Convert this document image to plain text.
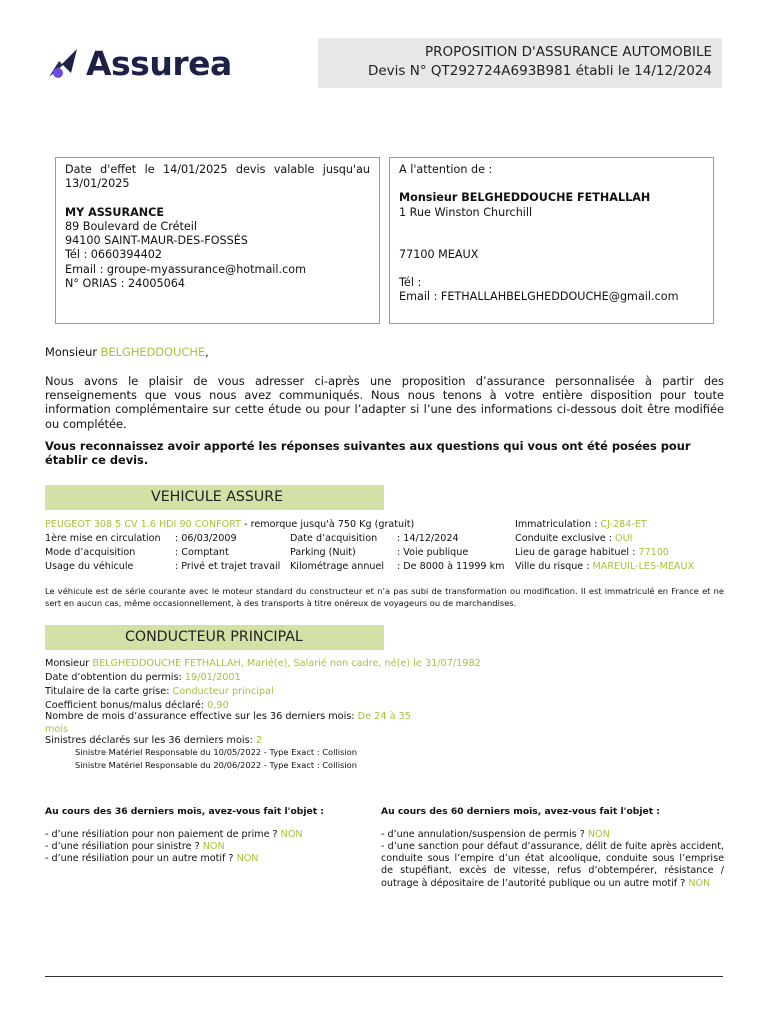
Assurea	PROPOSITION D'ASSURANCE AUTOMOBILE
Devis N° QT292724A693B981 établi le 14/12/2024
Date d'effet le 14/01/2025 devis valable jusqu'au 13/01/2025
MY ASSURANCE
89 Boulevard de Créteil
94100 SAINT-MAUR-DES-FOSSÉS
Tél : 0660394402
Email : groupe-myassurance@hotmail.com
N° ORIAS : 24005064
A l'attention de :
Monsieur BELGHEDDOUCHE FETHALLAH
1 Rue Winston Churchill
77100 MEAUX
Tél :
Email : FETHALLAHBELGHEDDOUCHE@gmail.com
Monsieur BELGHEDDOUCHE,
Nous avons le plaisir de vous adresser ci-après une proposition d’assurance personnalisée à partir des renseignements que vous nous avez communiqués. Nous nous tenons à votre entière disposition pour toute information complémentaire sur cette étude ou pour l’adapter si l’une des informations ci-dessous doit être modifiée ou complétée.
Vous reconnaissez avoir apporté les réponses suivantes aux questions qui vous ont été posées pour établir ce devis.
VEHICULE ASSURE
PEUGEOT 308 5 CV 1.6 HDI 90 CONFORT - remorque jusqu'à 750 Kg (gratuit)	Immatriculation : CJ-284-ET
1ère mise en circulation : 06/03/2009	Date d’acquisition : 14/12/2024	Conduite exclusive : OUI
Mode d’acquisition	: Comptant	Parking (Nuit)	: Voie publique	Lieu de garage habituel : 77100
Usage du véhicule	: Privé et trajet travail Kilométrage annuel : De 8000 à 11999 km Ville du risque : MAREUIL-LES-MEAUX
Le véhicule est de série courante avec le moteur standard du constructeur et n’a pas subi de transformation ou modification. Il est immatriculé en France et ne sert en aucun cas, même occasionnellement, à des transports à titre onéreux de voyageurs ou de marchandises.
CONDUCTEUR PRINCIPAL
Monsieur BELGHEDDOUCHE FETHALLAH, Marié(e), Salarié non cadre, né(e) le 31/07/1982
Date d’obtention du permis: 19/01/2001
Titulaire de la carte grise: Conducteur principal
Coefficient bonus/malus déclaré: 0,90
Nombre de mois d’assurance effective sur les 36 derniers mois: De 24 à 35 mois
Sinistres déclarés sur les 36 derniers mois: 2
Sinistre Matériel Responsable du 10/05/2022 - Type Exact : Collision
Sinistre Matériel Responsable du 20/06/2022 - Type Exact : Collision
Au cours des 36 derniers mois, avez-vous fait l'objet :
- d’une résiliation pour non paiement de prime ? NON
- d’une résiliation pour sinistre ? NON
- d’une résiliation pour un autre motif ? NON
Au cours des 60 derniers mois, avez-vous fait l'objet :
- d’une annulation/suspension de permis ? NON
- d’une sanction pour défaut d’assurance, délit de fuite après accident, conduite sous l’empire d’un état alcoolique, conduite sous l’emprise de stupéfiant, excès de vitesse, refus d’obtempérer, résistance / outrage à dépositaire de l’autorité publique ou un autre motif ? NON
